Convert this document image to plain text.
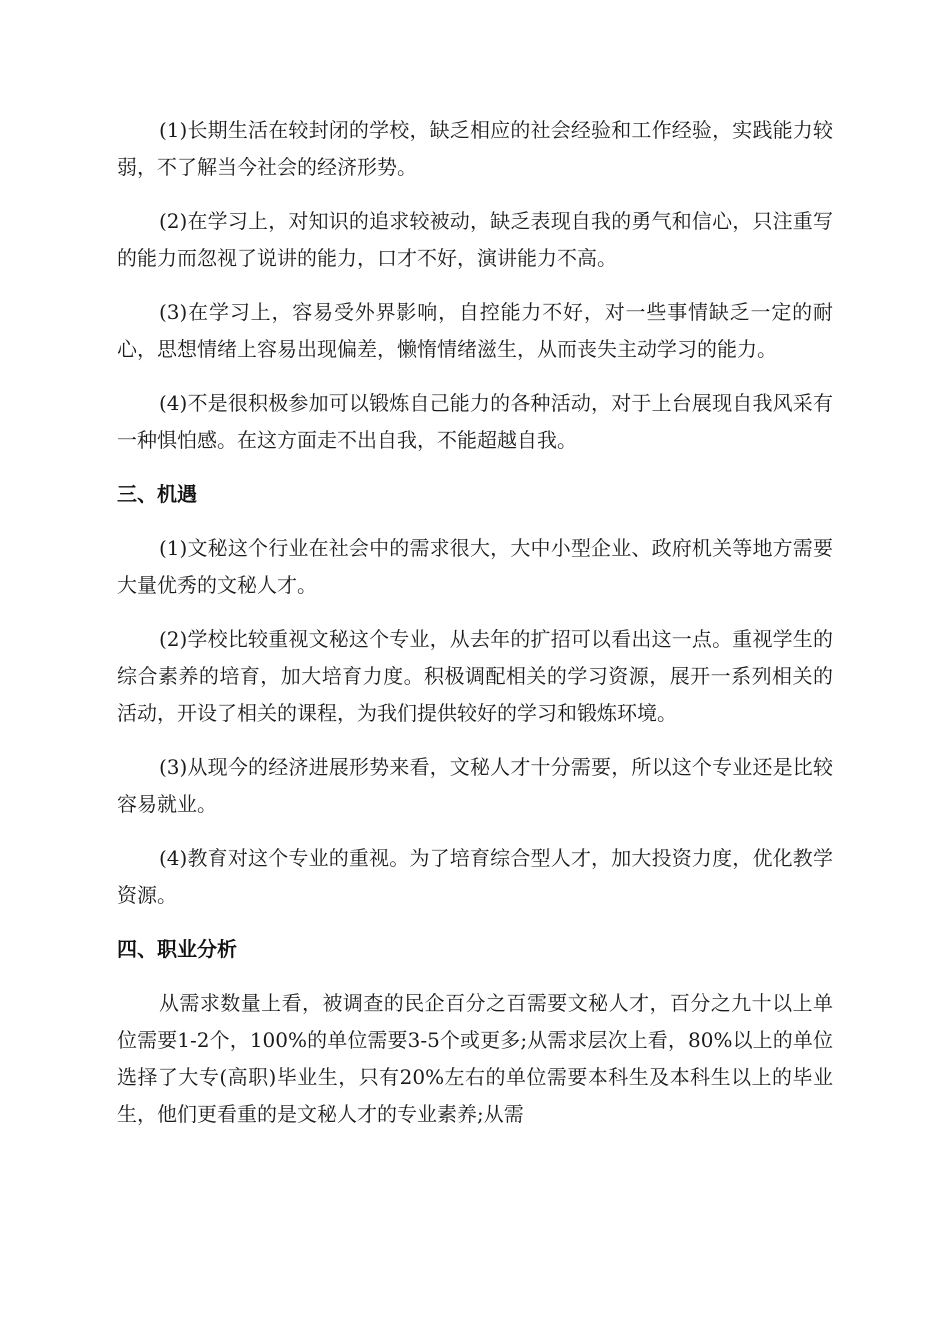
(1)长期生活在较封闭的学校，缺乏相应的社会经验和工作经验，实践能力较弱，不了解当今社会的经济形势。

(2)在学习上，对知识的追求较被动，缺乏表现自我的勇气和信心，只注重写的能力而忽视了说讲的能力，口才不好，演讲能力不高。

(3)在学习上，容易受外界影响，自控能力不好，对一些事情缺乏一定的耐心，思想情绪上容易出现偏差，懒惰情绪滋生，从而丧失主动学习的能力。

(4)不是很积极参加可以锻炼自己能力的各种活动，对于上台展现自我风采有一种惧怕感。在这方面走不出自我，不能超越自我。

三、机遇

(1)文秘这个行业在社会中的需求很大，大中小型企业、政府机关等地方需要大量优秀的文秘人才。

(2)学校比较重视文秘这个专业，从去年的扩招可以看出这一点。重视学生的综合素养的培育，加大培育力度。积极调配相关的学习资源，展开一系列相关的活动，开设了相关的课程，为我们提供较好的学习和锻炼环境。

(3)从现今的经济进展形势来看，文秘人才十分需要，所以这个专业还是比较容易就业。

(4)教育对这个专业的重视。为了培育综合型人才，加大投资力度，优化教学资源。

四、职业分析

从需求数量上看，被调查的民企百分之百需要文秘人才，百分之九十以上单位需要1-2个，100%的单位需要3-5个或更多;从需求层次上看，80%以上的单位选择了大专(高职)毕业生，只有20%左右的单位需要本科生及本科生以上的毕业生，他们更看重的是文秘人才的专业素养;从需
